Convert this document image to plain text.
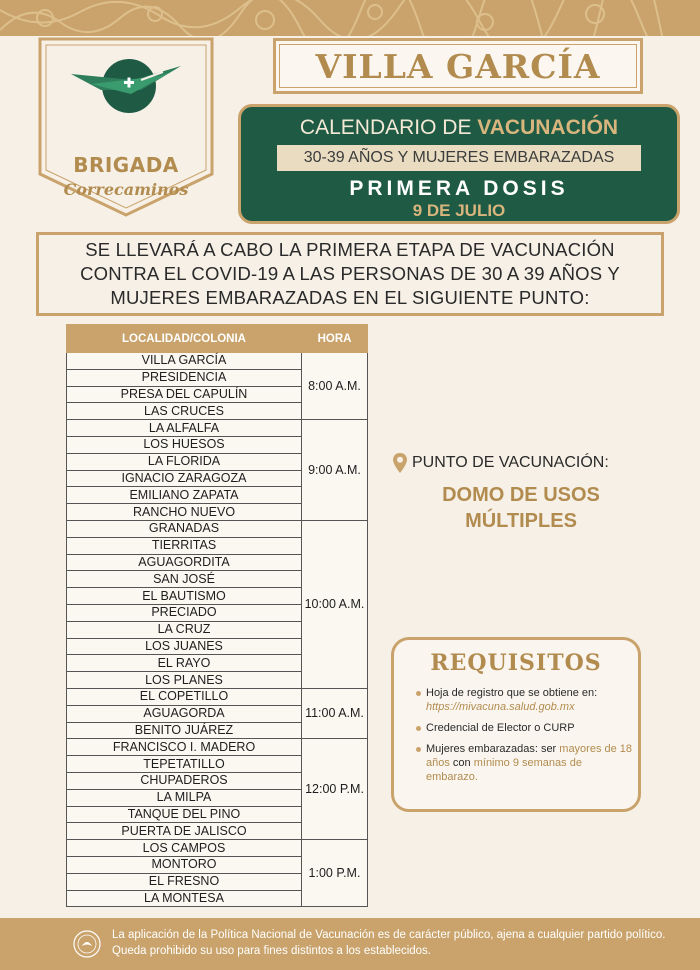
BRIGADA
Correcaminos
VILLA GARCÍA
CALENDARIO DE VACUNACIÓN
30-39 AÑOS Y MUJERES EMBARAZADAS
PRIMERA DOSIS
9 DE JULIO
SE LLEVARÁ A CABO LA PRIMERA ETAPA DE VACUNACIÓN
CONTRA EL COVID-19 A LAS PERSONAS DE 30 A 39 AÑOS Y
MUJERES EMBARAZADAS EN EL SIGUIENTE PUNTO:
LOCALIDAD/COLONIA	HORA
VILLA GARCÍA	8:00 A.M.
PRESIDENCIA	
PRESA DEL CAPULÍN	
LAS CRUCES	
LA ALFALFA	9:00 A.M.
LOS HUESOS	
LA FLORIDA	
IGNACIO ZARAGOZA	
EMILIANO ZAPATA	
RANCHO NUEVO	
GRANADAS	10:00 A.M.
TIERRITAS	
AGUAGORDITA	
SAN JOSÉ	
EL BAUTISMO	
PRECIADO	
LA CRUZ	
LOS JUANES	
EL RAYO	
LOS PLANES	
EL COPETILLO	11:00 A.M.
AGUAGORDA	
BENITO JUÁREZ	
FRANCISCO I. MADERO	12:00 P.M.
TEPETATILLO	
CHUPADEROS	
LA MILPA	
TANQUE DEL PINO	
PUERTA DE JALISCO	
LOS CAMPOS	1:00 P.M.
MONTORO	
EL FRESNO	
LA MONTESA	
PUNTO DE VACUNACIÓN:
DOMO DE USOS
MÚLTIPLES
REQUISITOS
Hoja de registro que se obtiene en: https://mivacuna.salud.gob.mx
Credencial de Elector o CURP
Mujeres embarazadas: ser mayores de 18 años con mínimo 9 semanas de embarazo.
La aplicación de la Política Nacional de Vacunación es de carácter público, ajena a cualquier partido político. Queda prohibido su uso para fines distintos a los establecidos.
